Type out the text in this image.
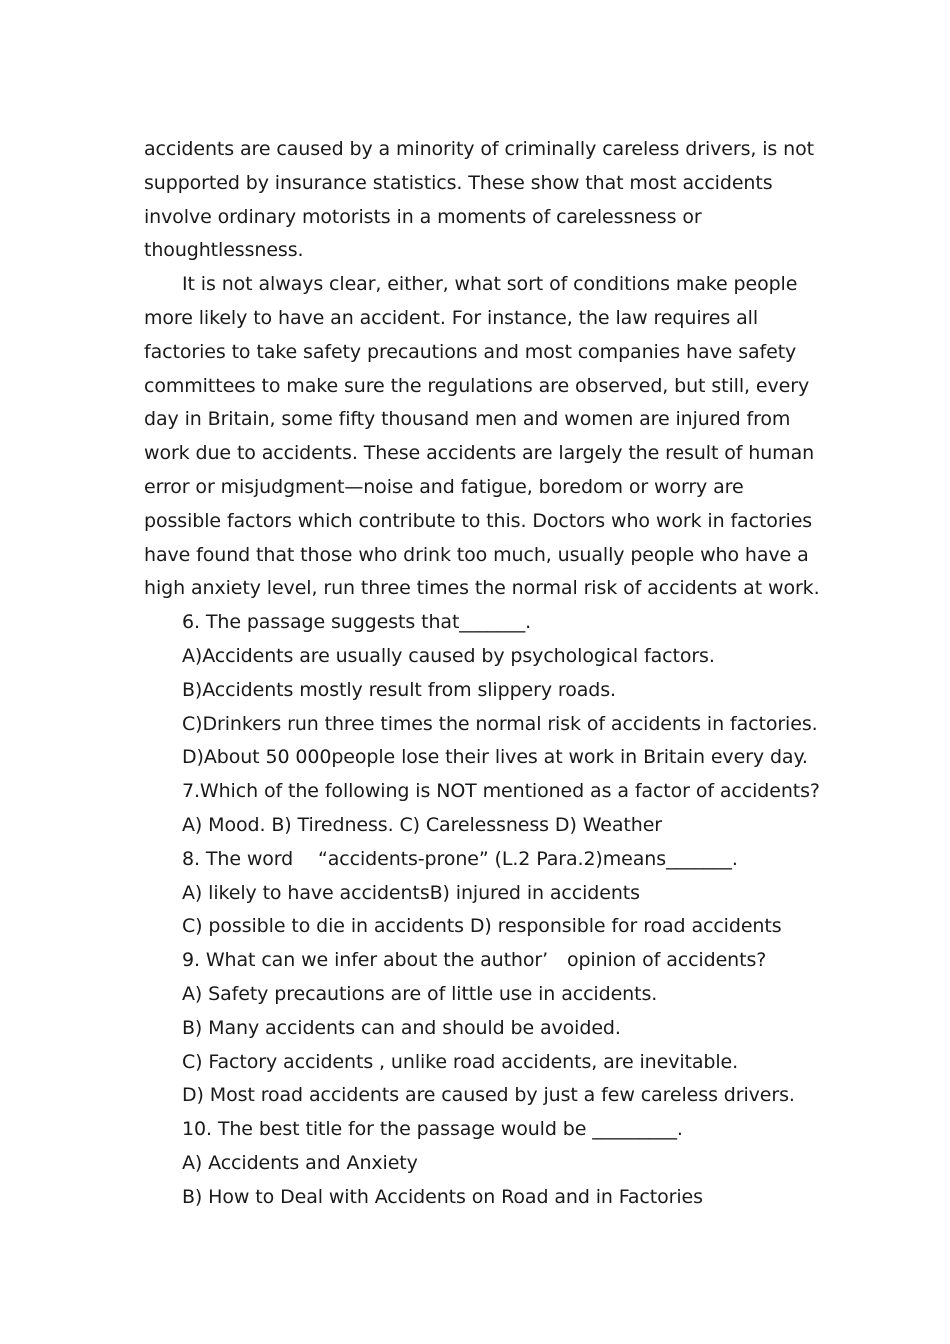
accidents are caused by a minority of criminally careless drivers, is not
supported by insurance statistics. These show that most accidents
involve ordinary motorists in a moments of carelessness or
thoughtlessness.
It is not always clear, either, what sort of conditions make people
more likely to have an accident. For instance, the law requires all
factories to take safety precautions and most companies have safety
committees to make sure the regulations are observed, but still, every
day in Britain, some fifty thousand men and women are injured from
work due to accidents. These accidents are largely the result of human
error or misjudgment—noise and fatigue, boredom or worry are
possible factors which contribute to this. Doctors who work in factories
have found that those who drink too much, usually people who have a
high anxiety level, run three times the normal risk of accidents at work.
6. The passage suggests that_______.
A)Accidents are usually caused by psychological factors.
B)Accidents mostly result from slippery roads.
C)Drinkers run three times the normal risk of accidents in factories.
D)About 50 000people lose their lives at work in Britain every day.
7.Which of the following is NOT mentioned as a factor of accidents?
A) Mood. B) Tiredness. C) Carelessness D) Weather
8. The word 　“accidents-prone” (L.2 Para.2)means_______.
A) likely to have accidentsB) injured in accidents
C) possible to die in accidents D) responsible for road accidents
9. What can we infer about the author’　opinion of accidents?
A) Safety precautions are of little use in accidents.
B) Many accidents can and should be avoided.
C) Factory accidents , unlike road accidents, are inevitable.
D) Most road accidents are caused by just a few careless drivers.
10. The best title for the passage would be _________.
A) Accidents and Anxiety
B) How to Deal with Accidents on Road and in Factories
